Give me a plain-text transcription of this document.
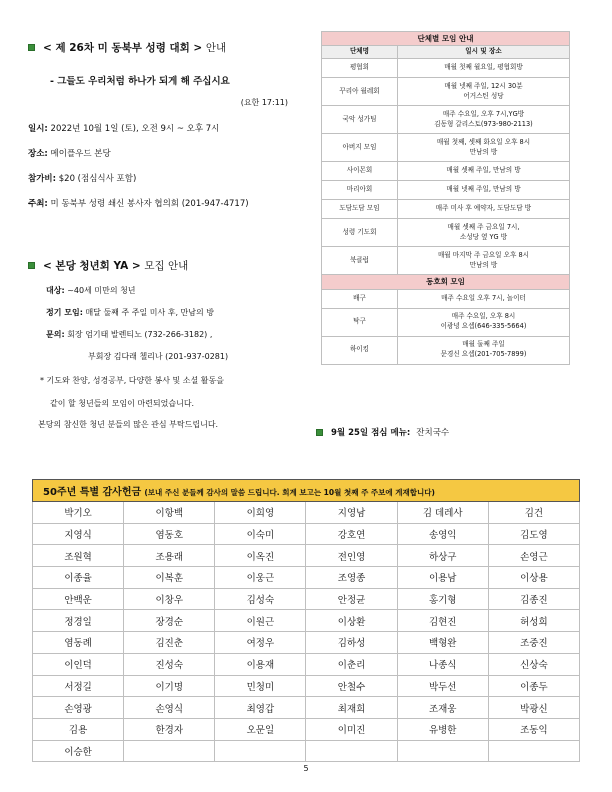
< 제 26차 미 동북부 성령 대회 >
안내
- 그들도 우리처럼 하나가 되게 해 주십시요
(요한 17:11)
일시: 2022년 10월 1일 (토), 오전 9시 ~ 오후 7시
장소: 메이플우드 본당
참가비: $20 (점심식사 포함)
주최: 미 동북부 성령 쇄신 봉사자 협의회 (201-947-4717)
< 본당 청년회 YA >
모집 안내
대상: ~40세 미만의 청년
정기 모임: 매달 둘째 주 주일 미사 후, 만남의 방
문의: 회장 엄기태 발렌티노 (732-266-3182) ,
부회장 김다래 첼리나 (201-937-0281)
* 기도와 찬양, 성경공부, 다양한 봉사 및 소셜 활동을
같이 할 청년들의 모임이 마련되었습니다.
본당의 참신한 청년 분들의 많은 관심 부탁드립니다.
단체별 모임 안내	
단체명	일시 및 장소
평협회	매월 첫째 월요일, 평협회방

꾸리아 월레회	매월 넷째 주일, 12시 30분
어거스틴 성당

국악 성가팀	매주 수요일, 오후 7시,YG방
김동형 갈리스토(973-980-2113)

아버지 모임	매월 첫째, 셋째 화요일 오후 8시
만남의 방

사이몬회	매월 셋째 주일, 만남의 방

마리아회	매월 넷째 주일, 만남의 방

도담도담 모임	매주 미사 후 예약자, 도담도담 방

성령 기도회	매월 셋째 주 금요일 7시,
소성당 옆 YG 방

북클럽	매월 마지막 주 금요일 오후 8시
만남의 방

동호회 모임	
배구	매주 수요일 오후 7시, 놀이터

탁구	매주 수요일, 오후 8시
이광녕 요셉(646-335-5664)

하이킹	매월 둘째 주일
문경신 요셉(201-705-7899)
9월 25일 점심 메뉴: 잔치국수
50주년 특별 감사헌금 (보내 주신 분들께 감사의 말씀 드립니다. 회계 보고는 10월 첫째 주 주보에 게재합니다)					
박기오	이항백	이희영	지영남	김 데레사	김건
지영식	염동호	이숙미	강호연	송영익	김도영
조원혁	조용래	이옥진	전인영	하상구	손영근
이종율	이복훈	이웅근	조영종	이용남	이상용
안백운	이창우	김성숙	안정균	홍기형	김종진
정경일	장경순	이원근	이상환	김현진	허성희
염동례	김진춘	여정우	김하성	백형완	조중진
이인덕	진성숙	이용재	이춘리	나종식	신상숙
서정길	이기명	민청미	안철수	박두선	이종두
손영광	손영식	최영갑	최재희	조재웅	박광신
김용	한경자	오문일	이미진	유병한	조동익
이승한					
5
